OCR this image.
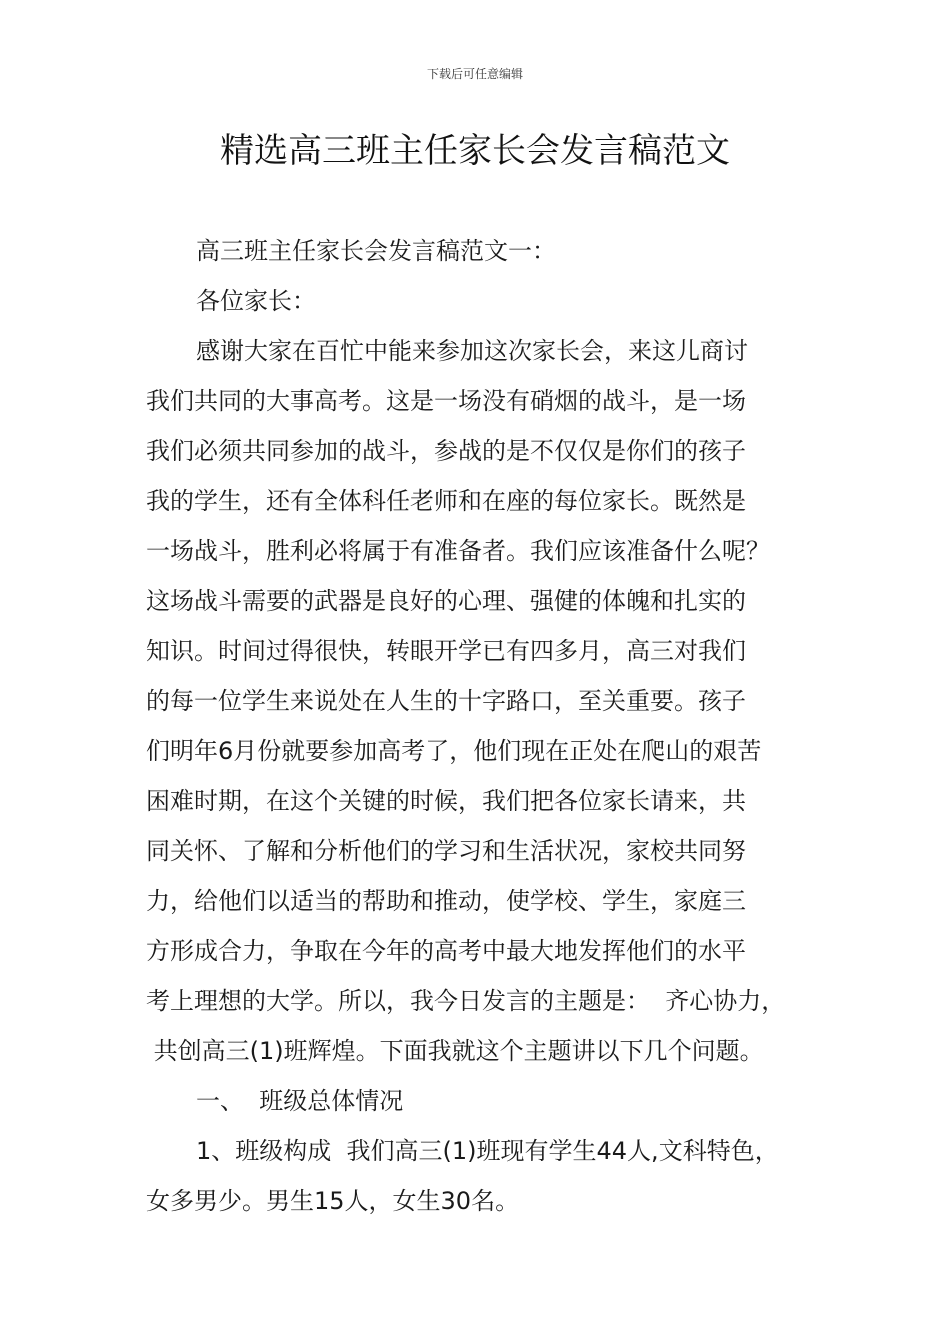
下载后可任意编辑
精选高三班主任家长会发言稿范文

高三班主任家长会发言稿范文一：

各位家长：

感谢大家在百忙中能来参加这次家长会，来这儿商讨

我们共同的大事高考。这是一场没有硝烟的战斗，是一场

我们必须共同参加的战斗，参战的是不仅仅是你们的孩子

我的学生，还有全体科任老师和在座的每位家长。既然是

一场战斗，胜利必将属于有准备者。我们应该准备什么呢？

这场战斗需要的武器是良好的心理、强健的体魄和扎实的

知识。时间过得很快，转眼开学已有四多月，高三对我们

的每一位学生来说处在人生的十字路口，至关重要。孩子

们明年6月份就要参加高考了，他们现在正处在爬山的艰苦

困难时期，在这个关键的时候，我们把各位家长请来，共

同关怀、了解和分析他们的学习和生活状况，家校共同努

力，给他们以适当的帮助和推动，使学校、学生，家庭三

方形成合力，争取在今年的高考中最大地发挥他们的水平

考上理想的大学。所以，我今日发言的主题是：  齐心协力，

共创高三(1)班辉煌。下面我就这个主题讲以下几个问题。

一、  班级总体情况

1、班级构成  我们高三(1)班现有学生44人,文科特色，

女多男少。男生15人，女生30名。
